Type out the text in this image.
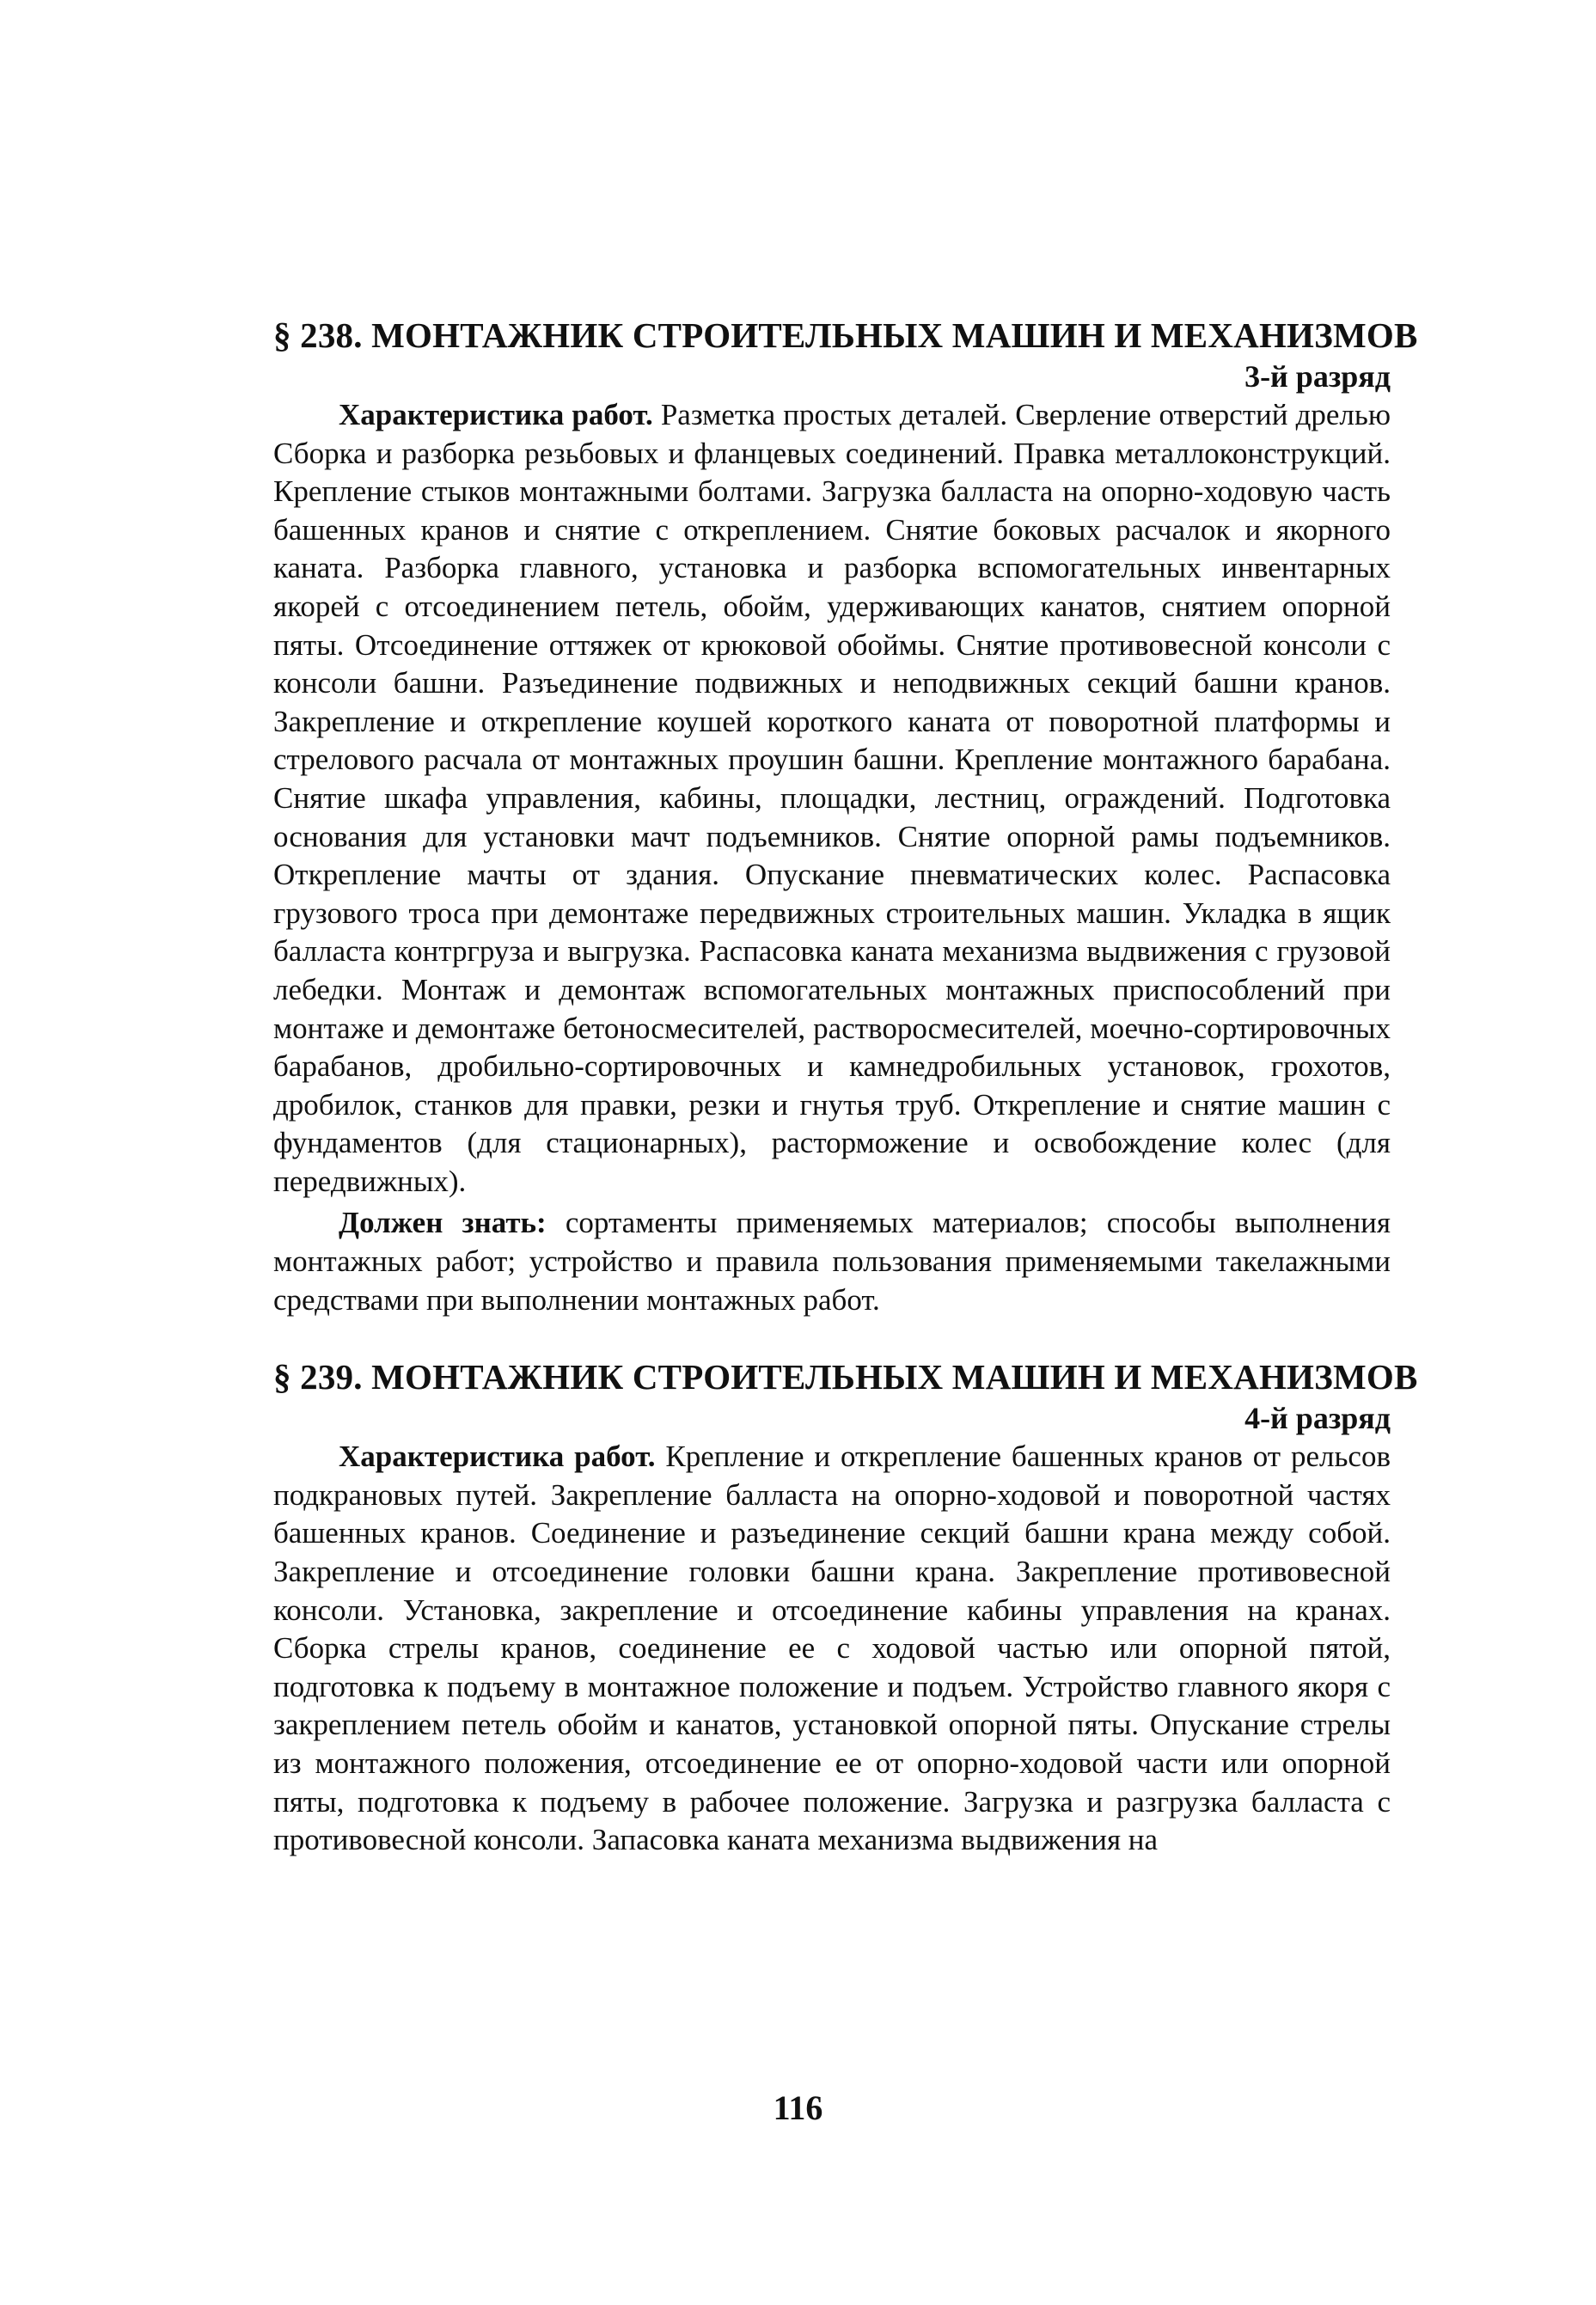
§ 238. МОНТАЖНИК СТРОИТЕЛЬНЫХ МАШИН И МЕХАНИЗМОВ

3-й разряд

Характеристика работ. Разметка простых деталей. Сверление отверстий дрелью Сборка и разборка резьбовых и фланцевых соединений. Правка металлоконструкций. Крепление стыков монтажными болтами. Загрузка балласта на опорно-ходовую часть башенных кранов и снятие с откреплением. Снятие боковых расчалок и якорного каната. Разборка главного, установка и разборка вспомогательных инвентарных якорей с отсоединением петель, обойм, удерживающих канатов, снятием опорной пяты. Отсоединение оттяжек от крюковой обоймы. Снятие противовесной консоли с консоли башни. Разъединение подвижных и неподвижных секций башни кранов. Закрепление и открепление коушей короткого каната от поворотной платформы и стрелового расчала от монтажных проушин башни. Крепление монтажного барабана. Снятие шкафа управления, кабины, площадки, лестниц, ограждений. Подготовка основания для установки мачт подъемников. Снятие опорной рамы подъемников. Открепление мачты от здания. Опускание пневматических колес. Распасовка грузового троса при демонтаже передвижных строительных машин. Укладка в ящик балласта контргруза и выгрузка. Распасовка каната механизма выдвижения с грузовой лебедки. Монтаж и демонтаж вспомогательных монтажных приспособлений при монтаже и демонтаже бетоносмесителей, растворосмесителей, моечно-сортировочных барабанов, дробильно-сортировочных и камнедробильных установок, грохотов, дробилок, станков для правки, резки и гнутья труб. Открепление и снятие машин с фундаментов (для стационарных), расторможение и освобождение колес (для передвижных).

Должен знать: сортаменты применяемых материалов; способы выполнения монтажных работ; устройство и правила пользования применяемыми такелажными средствами при выполнении монтажных работ.

§ 239. МОНТАЖНИК СТРОИТЕЛЬНЫХ МАШИН И МЕХАНИЗМОВ

4-й разряд

Характеристика работ. Крепление и открепление башенных кранов от рельсов подкрановых путей. Закрепление балласта на опорно-ходовой и поворотной частях башенных кранов. Соединение и разъединение секций башни крана между собой. Закрепление и отсоединение головки башни крана. Закрепление противовесной консоли. Установка, закрепление и отсоединение кабины управления на кранах. Сборка стрелы кранов, соединение ее с ходовой частью или опорной пятой, подготовка к подъему в монтажное положение и подъем. Устройство главного якоря с закреплением петель обойм и канатов, установкой опорной пяты. Опускание стрелы из монтажного положения, отсоединение ее от опорно-ходовой части или опорной пяты, подготовка к подъему в рабочее положение. Загрузка и разгрузка балласта с противовесной консоли. Запасовка каната механизма выдвижения на

116
